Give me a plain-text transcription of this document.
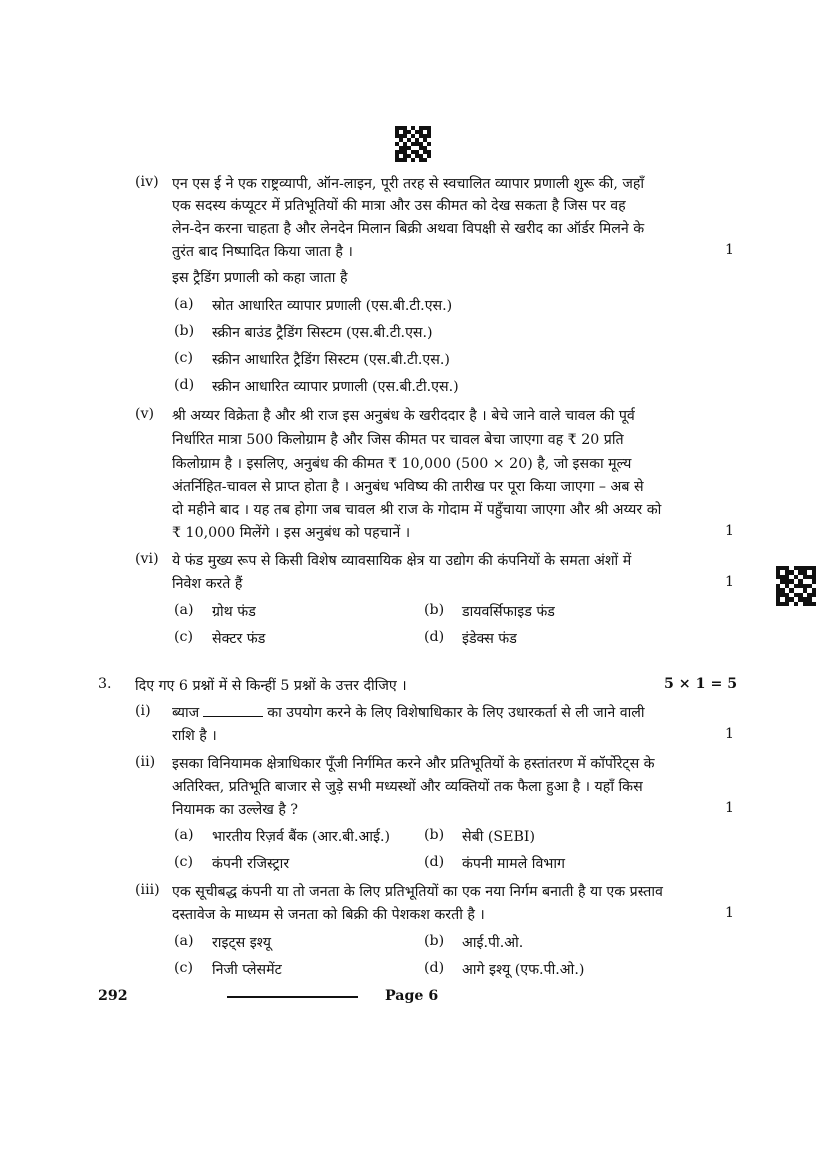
(iv) एन एस ई ने एक राष्ट्रव्यापी, ऑन-लाइन, पूरी तरह से स्वचालित व्यापार प्रणाली शुरू की, जहाँ
एक सदस्य कंप्यूटर में प्रतिभूतियों की मात्रा और उस कीमत को देख सकता है जिस पर वह
लेन-देन करना चाहता है और लेनदेन मिलान बिक्री अथवा विपक्षी से खरीद का ऑर्डर मिलने के
तुरंत बाद निष्पादित किया जाता है ।	1
इस ट्रैडिंग प्रणाली को कहा जाता है
(a) स्रोत आधारित व्यापार प्रणाली (एस.बी.टी.एस.)
(b) स्क्रीन बाउंड ट्रैडिंग सिस्टम (एस.बी.टी.एस.)
(c) स्क्रीन आधारित ट्रैडिंग सिस्टम (एस.बी.टी.एस.)
(d) स्क्रीन आधारित व्यापार प्रणाली (एस.बी.टी.एस.)
(v) श्री अय्यर विक्रेता है और श्री राज इस अनुबंध के खरीददार है । बेचे जाने वाले चावल की पूर्व
निर्धारित मात्रा 500 किलोग्राम है और जिस कीमत पर चावल बेचा जाएगा वह ₹ 20 प्रति
किलोग्राम है । इसलिए, अनुबंध की कीमत ₹ 10,000 (500 × 20) है, जो इसका मूल्य
अंतर्निहित-चावल से प्राप्त होता है । अनुबंध भविष्य की तारीख पर पूरा किया जाएगा – अब से
दो महीने बाद । यह तब होगा जब चावल श्री राज के गोदाम में पहुँचाया जाएगा और श्री अय्यर को
₹ 10,000 मिलेंगे । इस अनुबंध को पहचानें ।	1
(vi) ये फंड मुख्य रूप से किसी विशेष व्यावसायिक क्षेत्र या उद्योग की कंपनियों के समता अंशों में
निवेश करते हैं	1
(a) ग्रोथ फंड	(b) डायवर्सिफाइड फंड
(c) सेक्टर फंड	(d) इंडेक्स फंड
3. दिए गए 6 प्रश्नों में से किन्हीं 5 प्रश्नों के उत्तर दीजिए ।	5 × 1 = 5
(i) ब्याज	का उपयोग करने के लिए विशेषाधिकार के लिए उधारकर्ता से ली जाने वाली
राशि है ।	1
(ii) इसका विनियामक क्षेत्राधिकार पूँजी निर्गमित करने और प्रतिभूतियों के हस्तांतरण में कॉर्पोरेट्स के
अतिरिक्त, प्रतिभूति बाजार से जुड़े सभी मध्यस्थों और व्यक्तियों तक फैला हुआ है । यहाँ किस
नियामक का उल्लेख है ?	1
(a) भारतीय रिज़र्व बैंक (आर.बी.आई.) (b) सेबी (SEBI)
(c) कंपनी रजिस्ट्रार	(d) कंपनी मामले विभाग
(iii) एक सूचीबद्ध कंपनी या तो जनता के लिए प्रतिभूतियों का एक नया निर्गम बनाती है या एक प्रस्ताव
दस्तावेज के माध्यम से जनता को बिक्री की पेशकश करती है ।	1
(a) राइट्स इश्यू	(b) आई.पी.ओ.
(c) निजी प्लेसमेंट	(d) आगे इश्यू (एफ.पी.ओ.)
292	Page 6
